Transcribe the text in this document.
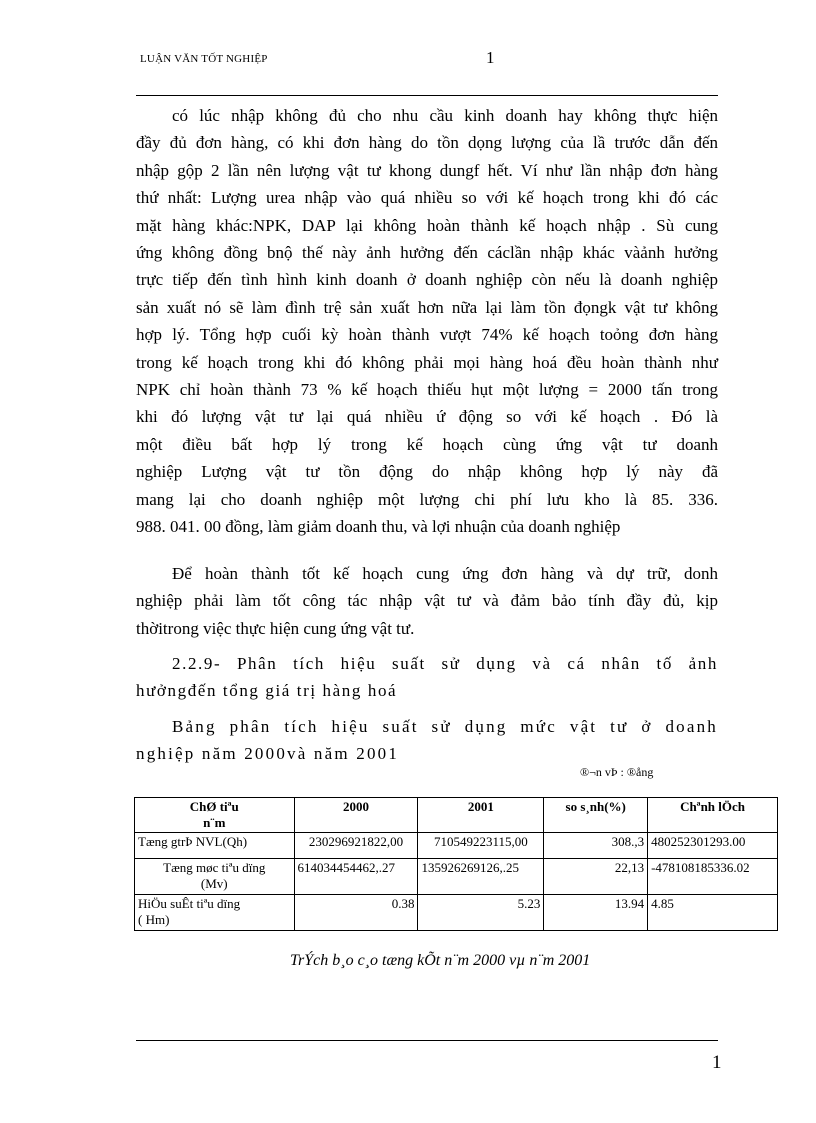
LUẬN VĂN TỐT NGHIỆP	1
có lúc nhập không đủ cho nhu cầu kinh doanh hay không thực hiện
đầy đủ đơn hàng, có khi đơn hàng do tồn dọng lượng của lầ trước dẫn đến
nhập gộp 2 lần nên lượng vật tư khong dungf hết. Ví như lần nhập đơn hàng
thứ nhất: Lượng urea nhập vào quá nhiều so với kế hoạch trong khi đó các
mặt hàng khác:NPK, DAP lại không hoàn thành kế hoạch nhập . Sù cung
ứng không đồng bnộ thế này ảnh hưởng đến cáclần nhập khác vàảnh hưởng
trực tiếp đến tình hình kinh doanh ở doanh nghiệp còn nếu là doanh nghiệp
sản xuất nó sẽ làm đình trệ sản xuất hơn nữa lại làm tồn đọngk vật tư không
hợp lý. Tổng hợp cuối kỳ hoàn thành vượt 74% kế hoạch toỏng đơn hàng
trong kế hoạch trong khi đó không phải mọi hàng hoá đều hoàn thành như
NPK chỉ hoàn thành 73 % kế hoạch thiếu hụt một lượng = 2000 tấn trong
khi đó lượng vật tư lại quá nhiều ứ động so với kế hoạch . Đó là
một điều bất hợp lý trong kế hoạch cùng ứng vật tư doanh
nghiệp Lượng vật tư tồn động do nhập không hợp lý này đã
mang lại cho doanh nghiệp một lượng chi phí lưu kho là 85. 336.
988. 041. 00 đồng, làm giảm doanh thu, và lợi nhuận của doanh nghiệp
Để hoàn thành tốt kế hoạch cung ứng đơn hàng và dự trữ, donh
nghiệp phải làm tốt công tác nhập vật tư và đảm bảo tính đầy đủ, kịp
thờitrong việc thực hiện cung ứng vật tư.
2.2.9- Phân tích hiệu suất sử dụng và cá nhân tố ảnh
hưởngđến tổng giá trị hàng hoá
Bảng phân tích hiệu suất sử dụng mức vật tư ở doanh
nghiệp năm 2000và năm 2001
®¬n vÞ : ®ång
ChØ tiªu
n¨m	2000	2001	so s¸nh(%)	Chªnh lÖch
Tæng gtrÞ NVL(Qh)	230296921822,00	710549223115,00	308.,3	480252301293.00
Tæng møc tiªu dïng
(Mv)	614034454462,.27	135926269126,.25	22,13	-478108185336.02
HiÖu suÊt tiªu dïng
( Hm)	0.38	5.23	13.94	4.85
TrÝch b¸o c¸o tæng kÕt n¨m 2000 vµ n¨m 2001
1
